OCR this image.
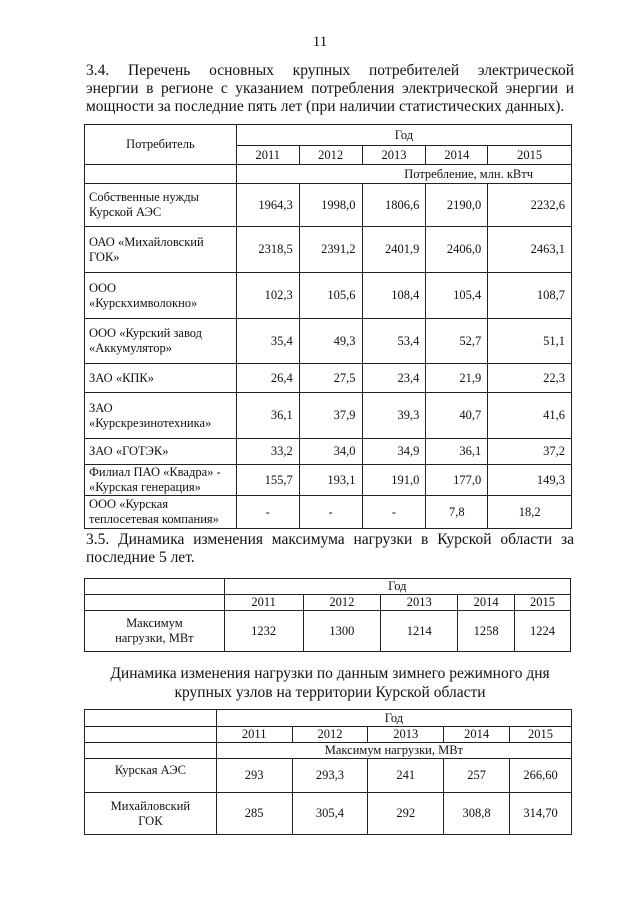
11
3.4. Перечень основных крупных потребителей электрической
энергии в регионе с указанием потребления электрической энергии и
мощности за последние пять лет (при наличии статистических данных).
Потребитель	Год				
	2011	2012	2013	2014	2015
	Потребление, млн. кВтч				

Собственные нужды
Курской АЭС	1964,3	1998,0	1806,6	2190,0	2232,6

ОАО «Михайловский
ГОК»	2318,5	2391,2	2401,9	2406,0	2463,1

ООО
«Курскхимволокно»	102,3	105,6	108,4	105,4	108,7

ООО «Курский завод
«Аккумулятор»	35,4	49,3	53,4	52,7	51,1

ЗАО «КПК»	26,4	27,5	23,4	21,9	22,3

ЗАО
«Курскрезинотехника»	36,1	37,9	39,3	40,7	41,6

ЗАО «ГОТЭК»	33,2	34,0	34,9	36,1	37,2

Филиал ПАО «Квадра» -
«Курская генерация»	155,7	193,1	191,0	177,0	149,3

ООО «Курская
теплосетевая компания»	-	-	-	7,8	18,2
3.5. Динамика изменения максимума нагрузки в Курской области за
последние 5 лет.
	Год				
	2011	2012	2013	2014	2015

Максимум
нагрузки, МВт	1232	1300	1214	1258	1224
Динамика изменения нагрузки по данным зимнего режимного дня
крупных узлов на территории Курской области
	Год				
	2011	2012	2013	2014	2015
	Максимум нагрузки, МВт				

Курская АЭС	293	293,3	241	257	266,60

Михайловский
ГОК	285	305,4	292	308,8	314,70
